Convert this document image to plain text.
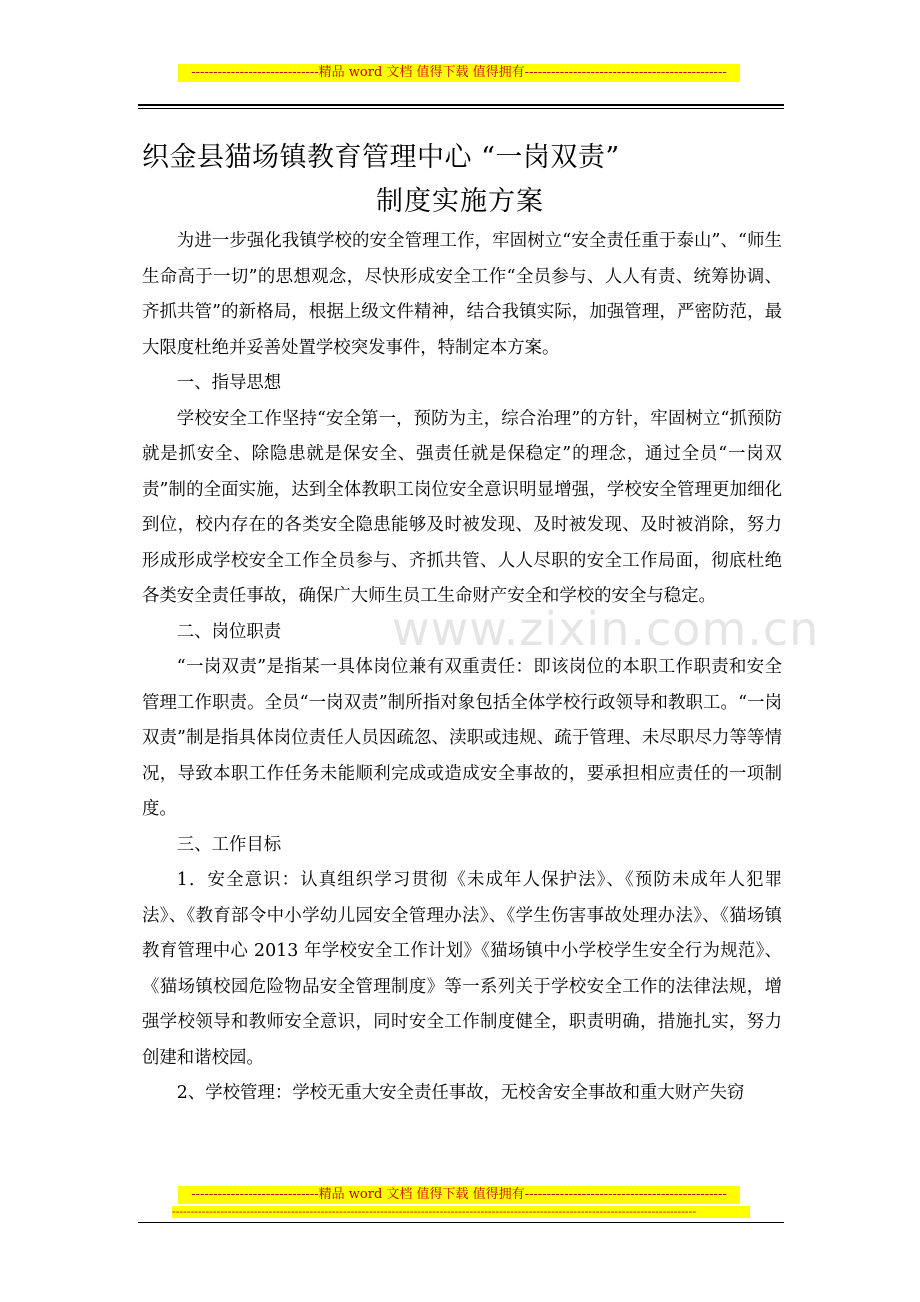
-----------------------------精品 word 文档 值得下载 值得拥有----------------------------------------------
织金县猫场镇教育管理中心 “一岗双责”
制度实施方案

为进一步强化我镇学校的安全管理工作，牢固树立“安全责任重于泰山”、“师生生命高于一切”的思想观念，尽快形成安全工作“全员参与、人人有责、统筹协调、齐抓共管”的新格局，根据上级文件精神，结合我镇实际，加强管理，严密防范，最大限度杜绝并妥善处置学校突发事件，特制定本方案。

一、指导思想

学校安全工作坚持“安全第一，预防为主，综合治理”的方针，牢固树立“抓预防就是抓安全、除隐患就是保安全、强责任就是保稳定”的理念，通过全员“一岗双责”制的全面实施，达到全体教职工岗位安全意识明显增强，学校安全管理更加细化到位，校内存在的各类安全隐患能够及时被发现、及时被发现、及时被消除，努力形成形成学校安全工作全员参与、齐抓共管、人人尽职的安全工作局面，彻底杜绝各类安全责任事故，确保广大师生员工生命财产安全和学校的安全与稳定。

二、岗位职责

“一岗双责”是指某一具体岗位兼有双重责任：即该岗位的本职工作职责和安全管理工作职责。全员“一岗双责”制所指对象包括全体学校行政领导和教职工。“一岗双责”制是指具体岗位责任人员因疏忽、渎职或违规、疏于管理、未尽职尽力等等情况，导致本职工作任务未能顺利完成或造成安全事故的，要承担相应责任的一项制度。

三、工作目标

1．安全意识：认真组织学习贯彻《未成年人保护法》、《预防未成年人犯罪法》、《教育部令中小学幼儿园安全管理办法》、《学生伤害事故处理办法》、《猫场镇教育管理中心 2013 年学校安全工作计划》《猫场镇中小学校学生安全行为规范》、《猫场镇校园危险物品安全管理制度》等一系列关于学校安全工作的法律法规，增强学校领导和教师安全意识，同时安全工作制度健全，职责明确，措施扎实，努力创建和谐校园。

2、学校管理：学校无重大安全责任事故，无校舍安全事故和重大财产失窃

www.zixin.com.cn
-----------------------------精品 word 文档 值得下载 值得拥有----------------------------------------------
---------------------------------------------------------------------------------------------------------------------------------------------
